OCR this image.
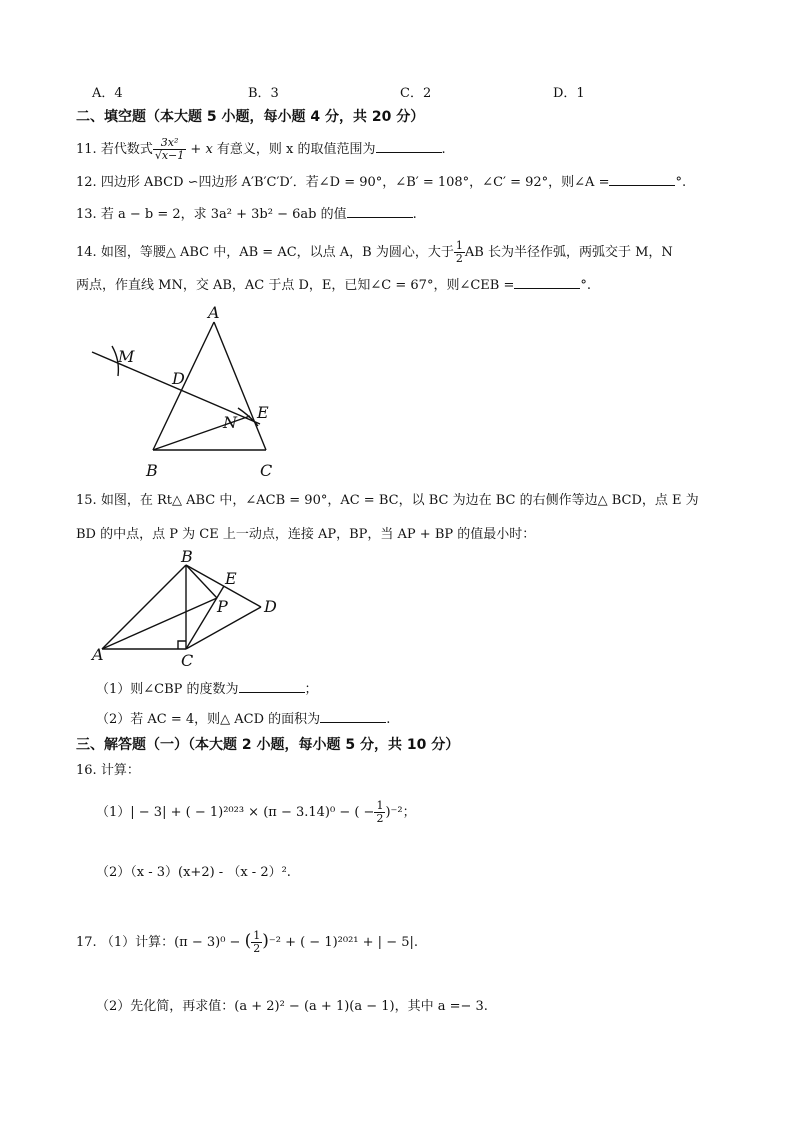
A．4	B．3	C．2	D．1
二、填空题（本大题 5 小题，每小题 4 分，共 20 分）
11. 若代数式 $\frac{\text{3x²}}{√x-1} + x$ 有意义，则 x 的取值范围为	.
12. 四边形 ABCD ∽四边形 A′B′C′D′．若∠D = 90°，∠B′ = 108°，∠C′ = 92°，则∠A =	°.
13. 若 a − b = 2，求 3a² + 3b² − 6ab 的值	.
14. 如图，等腰△ ABC 中，AB = AC，以点 A，B 为圆心，大于 $\frac{1}{2}$ AB 长为半径作弧，两弧交于 M，N
两点，作直线 MN，交 AB，AC 于点 D，E，已知∠C = 67°，则∠CEB =	°.
A
B	C
D
E
M
N
15. 如图，在 Rt△ ABC 中，∠ACB = 90°，AC = BC，以 BC 为边在 BC 的右侧作等边△ BCD，点 E 为
BD 的中点，点 P 为 CE 上一动点，连接 AP，BP，当 AP + BP 的值最小时：
A
B
C
D
E
P
（1）则∠CBP 的度数为	；
（2）若 AC = 4，则△ ACD 的面积为	.
三、解答题（一）（本大题 2 小题，每小题 5 分，共 10 分）
16. 计算：
（1）| − 3| + ( − 1)²⁰²³ × (π − 3.14)⁰ − ( − $\frac{1}{2} )^{-2}$；
（2）（x - 3）(x+2) - （x - 2）².
17. （1）计算：(π − 3)⁰ − ( $\frac{1}{2} )^{-2}$ + ( − 1)²⁰²¹ + | − 5|.
（2）先化简，再求值：(a + 2)² − (a + 1)(a − 1)，其中 a =− 3.
